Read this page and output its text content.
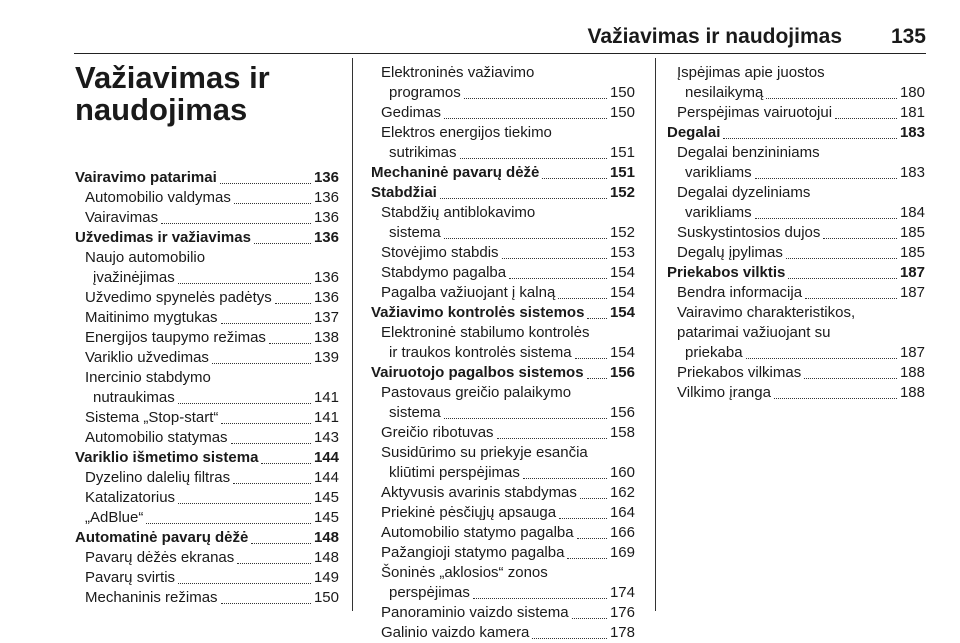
Važiavimas ir naudojimas 135
Važiavimas ir naudojimas
Vairavimo patarimai	136
Automobilio valdymas	136
Vairavimas	136
Užvedimas ir važiavimas	136
Naujo automobilio
įvažinėjimas	136
Užvedimo spynelės padėtys	136
Maitinimo mygtukas	137
Energijos taupymo režimas	138
Variklio užvedimas	139
Inercinio stabdymo
nutraukimas	141
Sistema „Stop-start“	141
Automobilio statymas	143
Variklio išmetimo sistema	144
Dyzelino dalelių filtras	144
Katalizatorius	145
„AdBlue“	145
Automatinė pavarų dėžė	148
Pavarų dėžės ekranas	148
Pavarų svirtis	149
Mechaninis režimas	150
Elektroninės važiavimo
programos	150
Gedimas	150
Elektros energijos tiekimo
sutrikimas	151
Mechaninė pavarų dėžė	151
Stabdžiai	152
Stabdžių antiblokavimo
sistema	152
Stovėjimo stabdis	153
Stabdymo pagalba	154
Pagalba važiuojant į kalną	154
Važiavimo kontrolės sistemos 154
Elektroninė stabilumo kontrolės
ir traukos kontrolės sistema	154
Vairuotojo pagalbos sistemos 156
Pastovaus greičio palaikymo
sistema	156
Greičio ribotuvas	158
Susidūrimo su priekyje esančia
kliūtimi perspėjimas	160
Aktyvusis avarinis stabdymas 162
Priekinė pėsčiųjų apsauga	164
Automobilio statymo pagalba 166
Pažangioji statymo pagalba	169
Šoninės „aklosios“ zonos
perspėjimas	174
Panoraminio vaizdo sistema	176
Galinio vaizdo kamera	178
Įspėjimas apie juostos
nesilaikymą	180
Perspėjimas vairuotojui	181
Degalai	183
Degalai benzininiams
varikliams	183
Degalai dyzeliniams
varikliams	184
Suskystintosios dujos	185
Degalų įpylimas	185
Priekabos vilktis	187
Bendra informacija	187
Vairavimo charakteristikos,
patarimai važiuojant su
priekaba	187
Priekabos vilkimas	188
Vilkimo įranga	188
